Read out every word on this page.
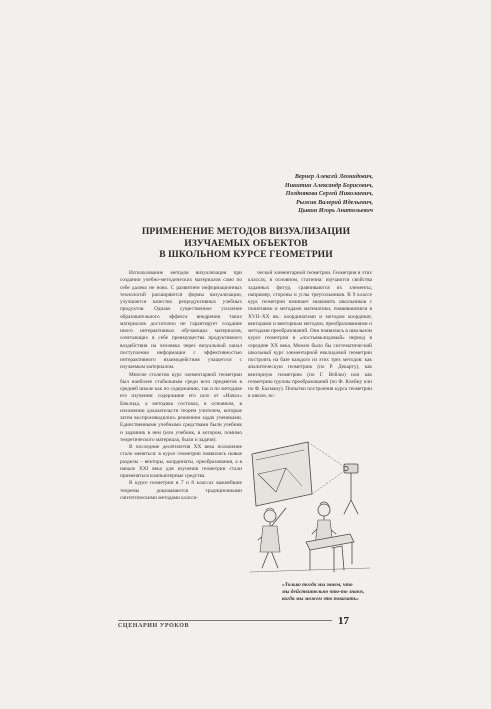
Вернер Алексей Леонидович,
Никитин Александр Борисович,
Позднякова Сергей Николаевич,
Рыжик Валерий Идельевич,
Цыкин Игорь Анатольевич
ПРИМЕНЕНИЕ МЕТОДОВ ВИЗУАЛИЗАЦИИ
ИЗУЧАЕМЫХ ОБЪЕКТОВ
В ШКОЛЬНОМ КУРСЕ ГЕОМЕТРИИ

Использование методов визуализации при создании учебно-методических материалов само по себе далеко не ново. С развитием информационных технологий расширяются формы визуализации, улучшается качество репродуктивных учебных продуктов. Однако существенное усиление образовательного эффекта внедрения таких материалов достаточно не гарантирует создание иного интерактивных обучающих материалов, сочетающих в себе преимущества продуктивного воздействия на человека через визуальный канал поступления информации с эффективностью интерактивного взаимодействия учащегося с изучаемым материалом.

Многие столетия курс элементарной геометрии был наиболее стабильным среди всех предметов в средней школе как по содержанию, так и по методике его изучения: содержание его шло от «Начал» Евклида, а методика состояла, в основном, в изложении доказательств теорем учителем, которые затем воспроизводились решением задач учениками. Единственными учебными средствами были учебник и задачник в нем (или учебник, в котором, помимо теоретического материала, были и задачи).

В последние десятилетия XX века положение стало меняться: в курсе геометрии появились новые разделы – векторы, координаты, преобразования, а в начале XXI века для изучения геометрии стали применяться компьютерные средства.

В курсе геометрии в 7 и 8 классах важнейшие теоремы доказываются традиционными синтетическими методами класси-

ческой элементарной геометрии. Геометрия в этих классах, в основном, статична: изучаются свойства заданных фигур, сравниваются их элементы, например, стороны и углы треугольников. В 9 классе курс геометрии начинает знакомить школьников с понятиями и методами математики, появившимися в XVII–XX вв.: координатами и методом координат, векторами и векторным методом, преобразованиями и методами преобразований. Они появились в школьном курсе геометрии в «постьевклидовый» период в середине XX века. Можно было бы систематический школьный курс элементарной евклидовой геометрии построить на базе каждого из этих трех методов: как аналитическую геометрию (по Р. Декарту), как векторную геометрию (по Г. Вейлю) или как геометрию группы преобразований (по Ф. Клейну или по Ф. Бахману). Попытки построения курса геометрии в школе, ис-

«Только тогда мы знаем, что
мы действительно что-то знаем,
когда мы можем это показать»
СЦЕНАРИИ УРОКОВ	17
